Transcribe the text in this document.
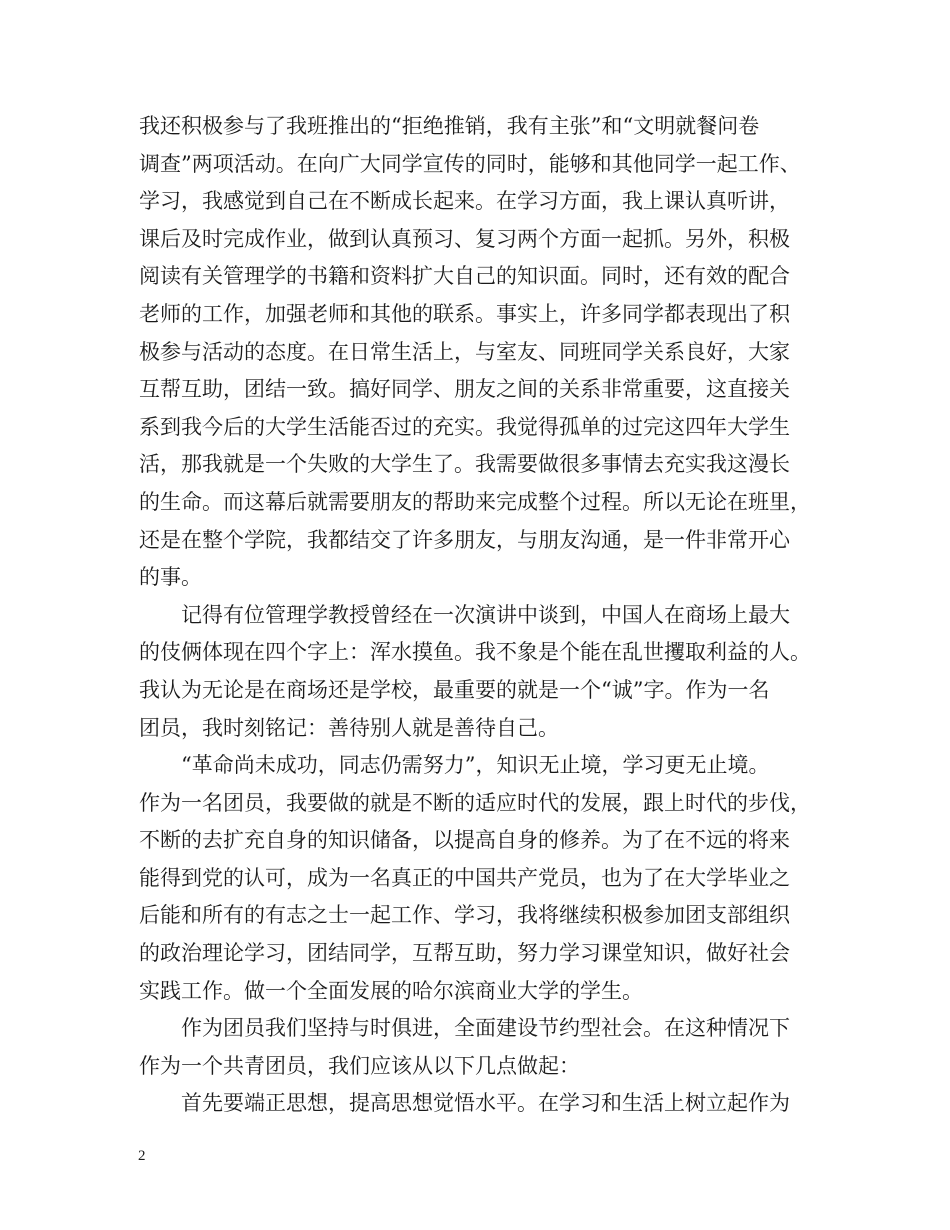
我还积极参与了我班推出的“拒绝推销，我有主张”和“文明就餐问卷
调查”两项活动。在向广大同学宣传的同时，能够和其他同学一起工作、
学习，我感觉到自己在不断成长起来。在学习方面，我上课认真听讲，
课后及时完成作业，做到认真预习、复习两个方面一起抓。另外，积极
阅读有关管理学的书籍和资料扩大自己的知识面。同时，还有效的配合
老师的工作，加强老师和其他的联系。事实上，许多同学都表现出了积
极参与活动的态度。在日常生活上，与室友、同班同学关系良好，大家
互帮互助，团结一致。搞好同学、朋友之间的关系非常重要，这直接关
系到我今后的大学生活能否过的充实。我觉得孤单的过完这四年大学生
活，那我就是一个失败的大学生了。我需要做很多事情去充实我这漫长
的生命。而这幕后就需要朋友的帮助来完成整个过程。所以无论在班里，
还是在整个学院，我都结交了许多朋友，与朋友沟通，是一件非常开心
的事。
　　记得有位管理学教授曾经在一次演讲中谈到，中国人在商场上最大
的伎俩体现在四个字上：浑水摸鱼。我不象是个能在乱世攫取利益的人。
我认为无论是在商场还是学校，最重要的就是一个“诚”字。作为一名
团员，我时刻铭记：善待别人就是善待自己。
　　“革命尚未成功，同志仍需努力”，知识无止境，学习更无止境。
作为一名团员，我要做的就是不断的适应时代的发展，跟上时代的步伐，
不断的去扩充自身的知识储备，以提高自身的修养。为了在不远的将来
能得到党的认可，成为一名真正的中国共产党员，也为了在大学毕业之
后能和所有的有志之士一起工作、学习，我将继续积极参加团支部组织
的政治理论学习，团结同学，互帮互助，努力学习课堂知识，做好社会
实践工作。做一个全面发展的哈尔滨商业大学的学生。
　　作为团员我们坚持与时俱进，全面建设节约型社会。在这种情况下
作为一个共青团员，我们应该从以下几点做起：
　　首先要端正思想，提高思想觉悟水平。在学习和生活上树立起作为
2
